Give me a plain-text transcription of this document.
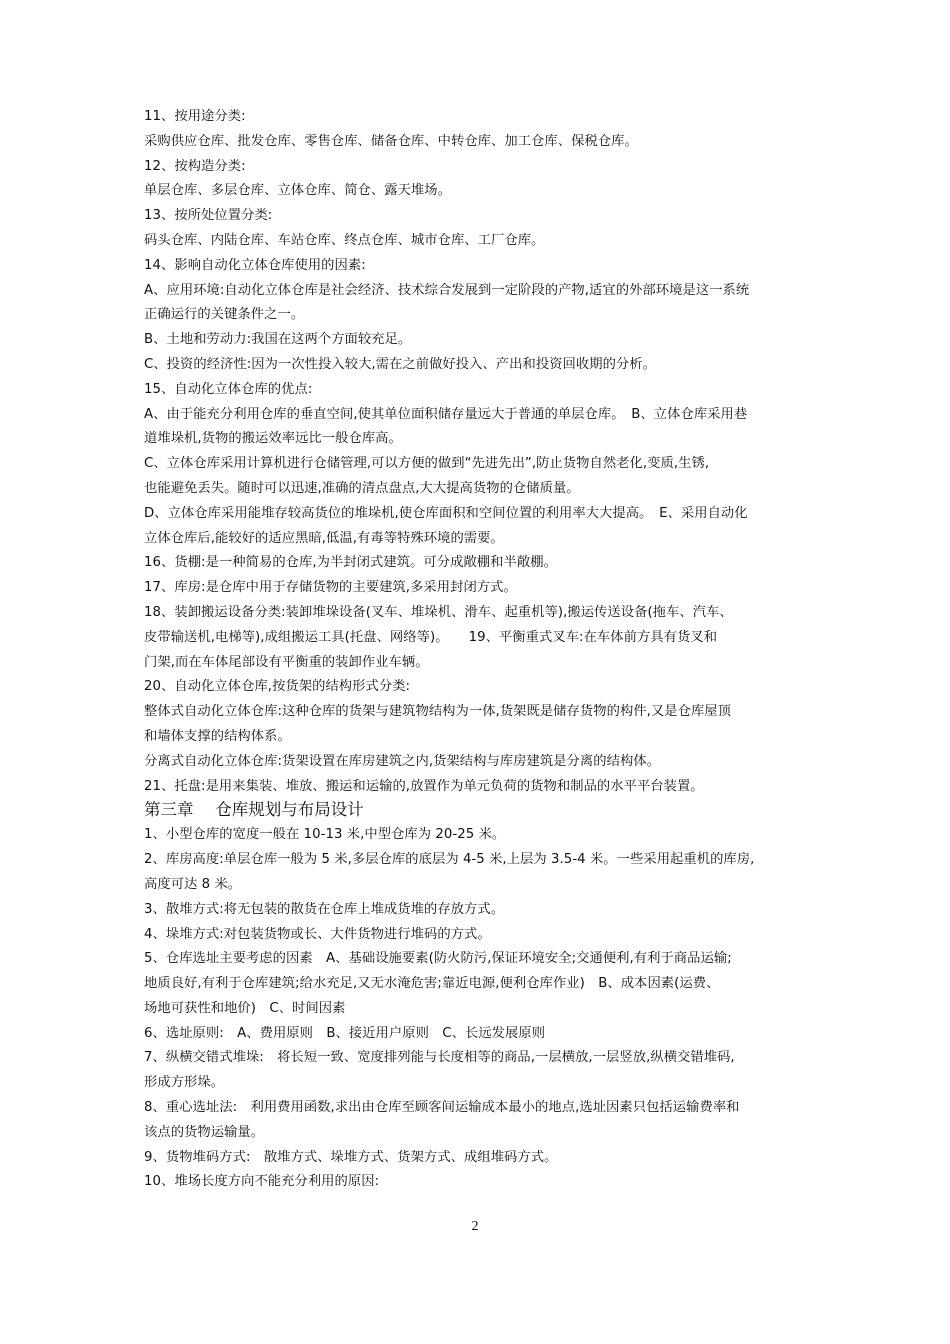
11、按用途分类:
采购供应仓库、批发仓库、零售仓库、储备仓库、中转仓库、加工仓库、保税仓库。
12、按构造分类:
单层仓库、多层仓库、立体仓库、简仓、露天堆场。
13、按所处位置分类:
码头仓库、内陆仓库、车站仓库、终点仓库、城市仓库、工厂仓库。
14、影响自动化立体仓库使用的因素:
A、应用环境:自动化立体仓库是社会经济、技术综合发展到一定阶段的产物,适宜的外部环境是这一系统
正确运行的关键条件之一。
B、土地和劳动力:我国在这两个方面较充足。
C、投资的经济性:因为一次性投入较大,需在之前做好投入、产出和投资回收期的分析。
15、自动化立体仓库的优点:
A、由于能充分利用仓库的垂直空间,使其单位面积储存量远大于普通的单层仓库。　B、立体仓库采用巷
道堆垛机,货物的搬运效率远比一般仓库高。
C、立体仓库采用计算机进行仓储管理,可以方便的做到“先进先出”,防止货物自然老化,变质,生锈,
也能避免丢失。随时可以迅速,准确的清点盘点,大大提高货物的仓储质量。
D、立体仓库采用能堆存较高货位的堆垛机,使仓库面积和空间位置的利用率大大提高。　E、采用自动化
立体仓库后,能较好的适应黑暗,低温,有毒等特殊环境的需要。
16、货棚:是一种简易的仓库,为半封闭式建筑。可分成敞棚和半敞棚。
17、库房:是仓库中用于存储货物的主要建筑,多采用封闭方式。
18、装卸搬运设备分类:装卸堆垛设备(叉车、堆垛机、滑车、起重机等),搬运传送设备(拖车、汽车、
皮带输送机,电梯等),成组搬运工具(托盘、网络等)。　　19、平衡重式叉车:在车体前方具有货叉和
门架,而在车体尾部设有平衡重的装卸作业车辆。
20、自动化立体仓库,按货架的结构形式分类:
整体式自动化立体仓库:这种仓库的货架与建筑物结构为一体,货架既是储存货物的构件,又是仓库屋顶
和墙体支撑的结构体系。
分离式自动化立体仓库:货架设置在库房建筑之内,货架结构与库房建筑是分离的结构体。
21、托盘:是用来集装、堆放、搬运和运输的,放置作为单元负荷的货物和制品的水平平台装置。
第三章　 仓库规划与布局设计
1、小型仓库的宽度一般在 10-13 米,中型仓库为 20-25 米。
2、库房高度:单层仓库一般为 5 米,多层仓库的底层为 4-5 米,上层为 3.5-4 米。一些采用起重机的库房,
高度可达 8 米。
3、散堆方式:将无包装的散货在仓库上堆成货堆的存放方式。
4、垛堆方式:对包装货物或长、大件货物进行堆码的方式。
5、仓库选址主要考虑的因素　A、基础设施要素(防火防污,保证环境安全;交通便利,有利于商品运输;
地质良好,有利于仓库建筑;给水充足,又无水淹危害;靠近电源,便利仓库作业)　B、成本因素(运费、
场地可获性和地价)　C、时间因素
6、选址原则:　A、费用原则　B、接近用户原则　C、长远发展原则
7、纵横交错式堆垛:　将长短一致、宽度排列能与长度相等的商品,一层横放,一层竖放,纵横交错堆码,
形成方形垛。
8、重心选址法:　利用费用函数,求出由仓库至顾客间运输成本最小的地点,选址因素只包括运输费率和
该点的货物运输量。
9、货物堆码方式:　散堆方式、垛堆方式、货架方式、成组堆码方式。
10、堆场长度方向不能充分利用的原因:
2
